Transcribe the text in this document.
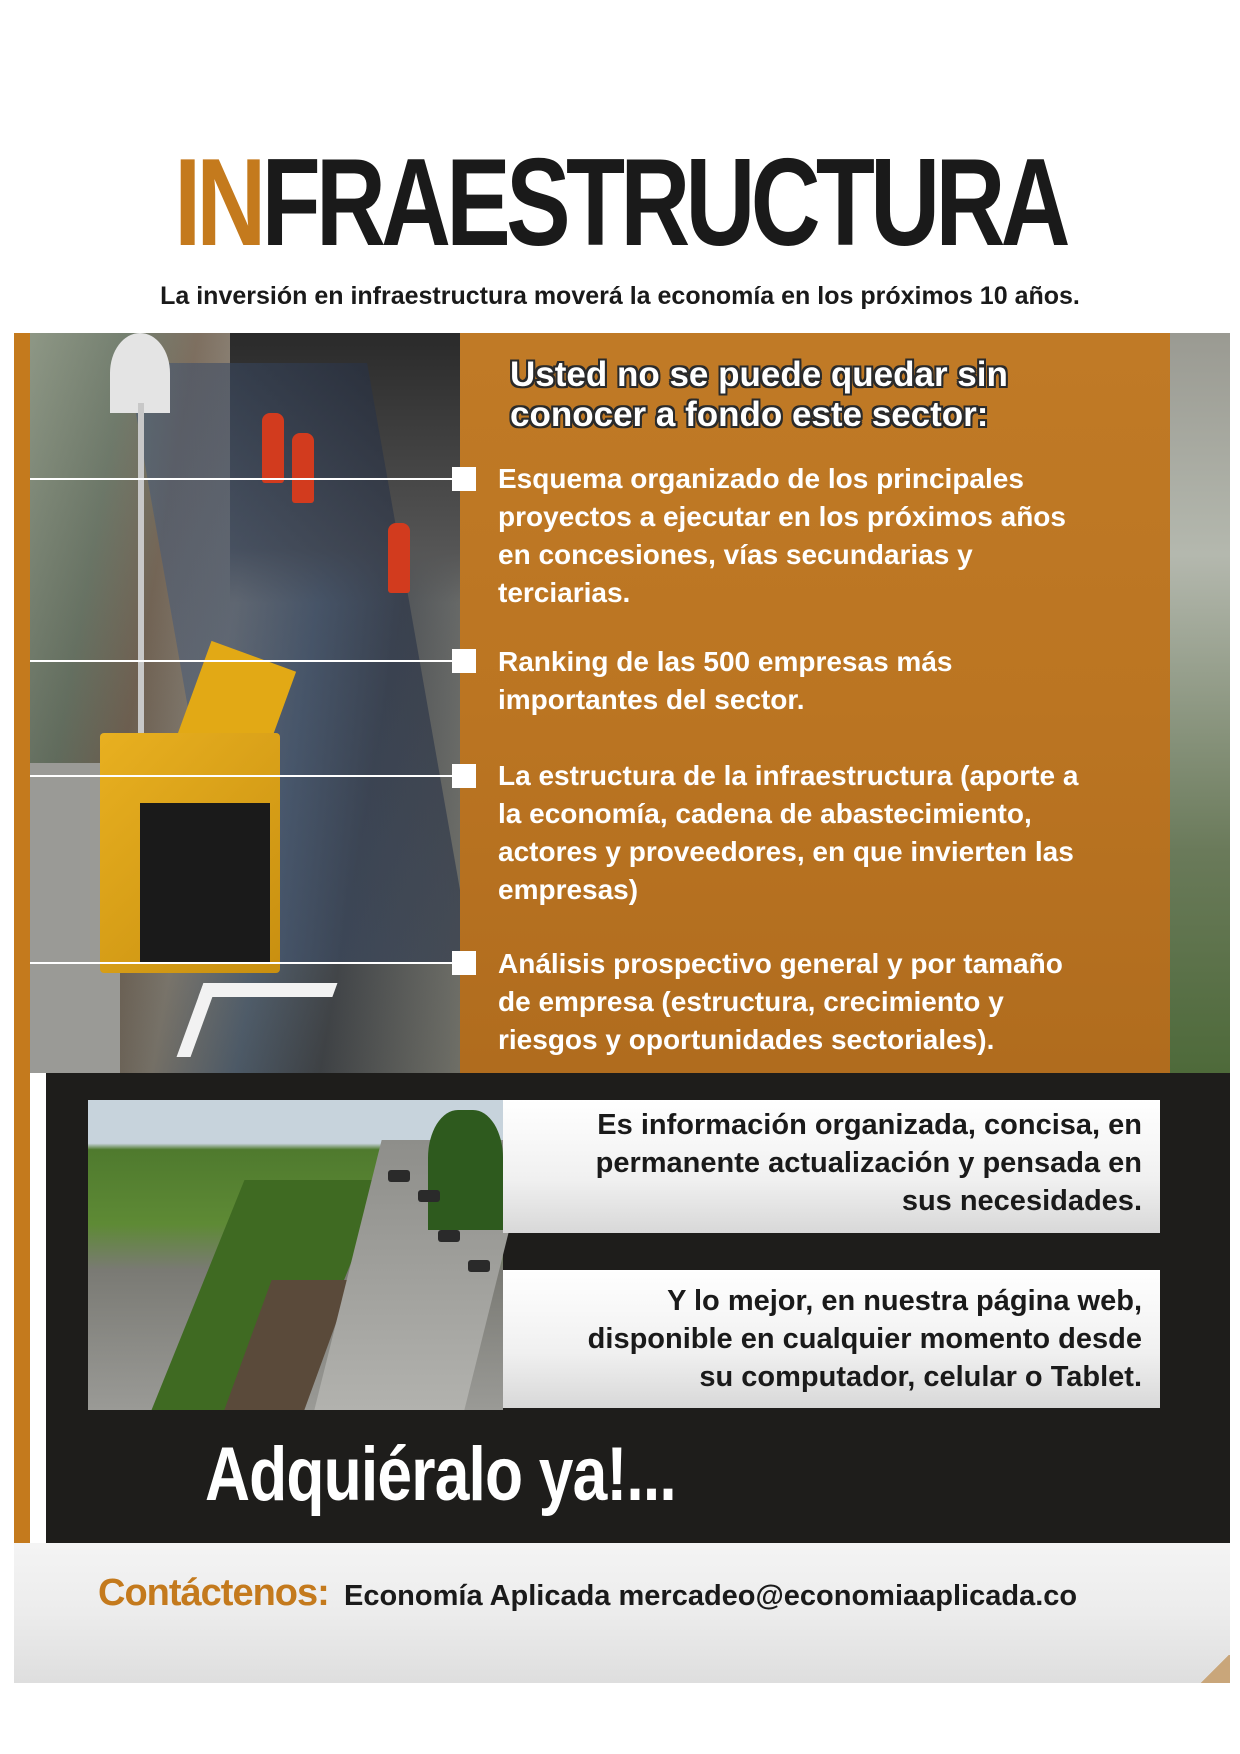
INFRAESTRUCTURA
La inversión en infraestructura moverá la economía en los próximos 10 años.
Usted no se puede quedar sin
conocer a fondo este sector:
Esquema organizado de los principales
proyectos a ejecutar en los próximos años
en concesiones, vías secundarias y
terciarias.
Ranking de las 500 empresas más
importantes del sector.
La estructura de la infraestructura (aporte a
la economía, cadena de abastecimiento,
actores y proveedores, en que invierten las
empresas)
Análisis prospectivo general y por tamaño
de empresa (estructura, crecimiento y
riesgos y oportunidades sectoriales).
Es información organizada, concisa, en
permanente actualización y pensada en
sus necesidades.
Y lo mejor, en nuestra página web,
disponible en cualquier momento desde
su computador, celular o Tablet.
Adquiéralo ya!...
Contáctenos: Economía Aplicada mercadeo@economiaaplicada.co
